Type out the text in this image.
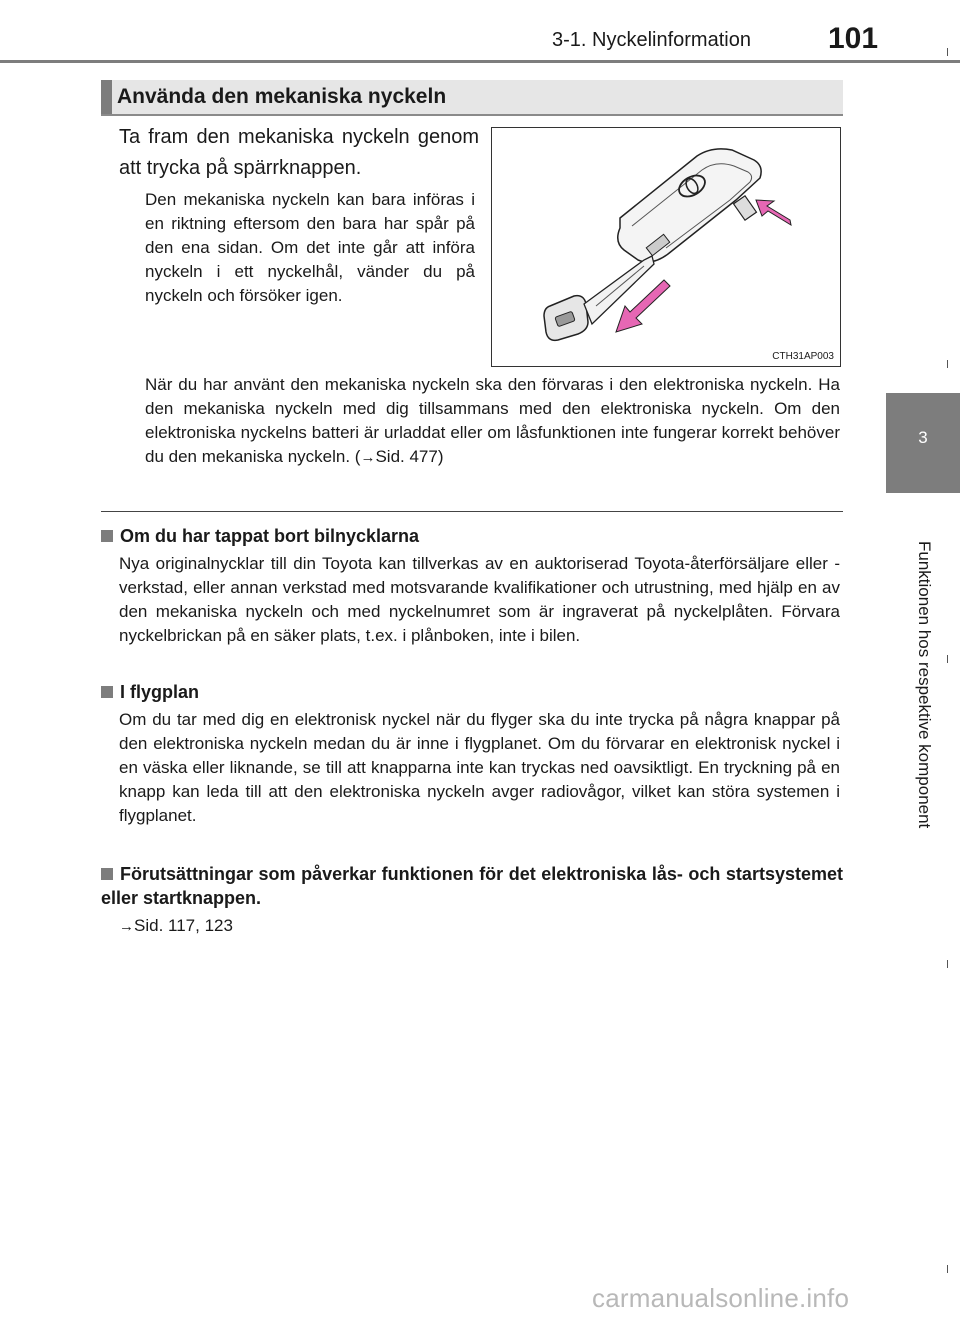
3-1. Nyckelinformation	101
3
Funktionen hos respektive komponent
Använda den mekaniska nyckeln
Ta fram den mekaniska nyckeln genom att trycka på spärrknappen.
Den mekaniska nyckeln kan bara införas i en riktning eftersom den bara har spår på den ena sidan. Om det inte går att införa nyckeln i ett nyckelhål, vänder du på nyckeln och försöker igen.
CTH31AP003
När du har använt den mekaniska nyckeln ska den förvaras i den elektroniska nyckeln. Ha den mekaniska nyckeln med dig tillsammans med den elektroniska nyckeln. Om den elektroniska nyckelns batteri är urladdat eller om låsfunktionen inte fungerar korrekt behöver du den mekaniska nyckeln. (→Sid. 477)
Om du har tappat bort bilnycklarna
Nya originalnycklar till din Toyota kan tillverkas av en auktoriserad Toyota-återförsäljare eller -verkstad, eller annan verkstad med motsvarande kvalifikationer och utrustning, med hjälp en av den mekaniska nyckeln och med nyckelnumret som är ingraverat på nyckelplåten. Förvara nyckelbrickan på en säker plats, t.ex. i plånboken, inte i bilen.
I flygplan
Om du tar med dig en elektronisk nyckel när du flyger ska du inte trycka på några knappar på den elektroniska nyckeln medan du är inne i flygplanet. Om du förvarar en elektronisk nyckel i en väska eller liknande, se till att knapparna inte kan tryckas ned oavsiktligt. En tryckning på en knapp kan leda till att den elektroniska nyckeln avger radiovågor, vilket kan störa systemen i flygplanet.
Förutsättningar som påverkar funktionen för det elektroniska lås- och startsystemet eller startknappen.
→Sid. 117, 123
carmanualsonline.info
